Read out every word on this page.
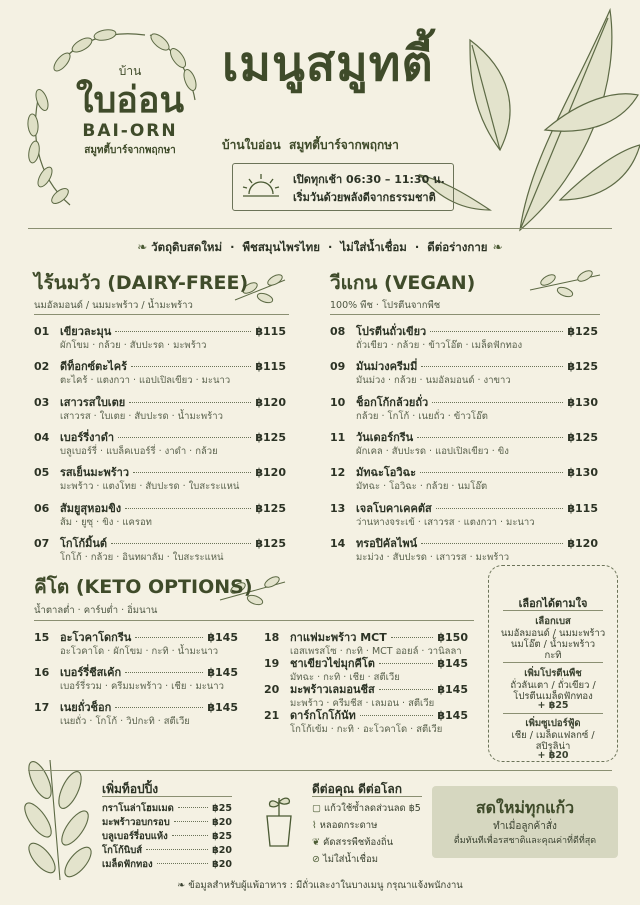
บ้าน
ใบอ่อน
BAI-ORN
สมูทตี้บาร์จากพฤกษา
เมนูสมูทตี้
บ้านใบอ่อน  สมูทตี้บาร์จากพฤกษา
เปิดทุกเช้า 06:30 – 11:30 น.
เริ่มวันด้วยพลังดีจากธรรมชาติ
❧ วัตถุดิบสดใหม่  ·  พืชสมุนไพรไทย  ·  ไม่ใส่น้ำเชื่อม  ·  ดีต่อร่างกาย ❧
ไร้นมวัว (DAIRY-FREE)
นมอัลมอนด์ / นมมะพร้าว / น้ำมะพร้าว
01 เขียวละมุน	฿115
ผักโขม · กล้วย · สับปะรด · มะพร้าว
02 ดีท็อกซ์ตะไคร้	฿115
ตะไคร้ · แตงกวา · แอปเปิลเขียว · มะนาว
03 เสาวรสใบเตย	฿120
เสาวรส · ใบเตย · สับปะรด · น้ำมะพร้าว
04 เบอร์รี่งาดำ	฿125
บลูเบอร์รี่ · แบล็คเบอร์รี่ · งาดำ · กล้วย
05 รสเย็นมะพร้าว	฿120
มะพร้าว · แตงโทย · สับปะรด · ใบสะระแหน่
06 สัมยูสุหอมขิง	฿125
ส้ม · ยูซุ · ขิง · แครอท
07 โกโก้มิ้นต์	฿125
โกโก้ · กล้วย · อินทผาลัม · ใบสะระแหน่
วีแกน (VEGAN)
100% พืช · โปรตีนจากพืช
08 โปรตีนถั่วเขียว	฿125
ถั่วเขียว · กล้วย · ข้าวโอ๊ต · เมล็ดฟักทอง
09 มันม่วงครีมมี่	฿125
มันม่วง · กล้วย · นมอัลมอนด์ · งาขาว
10 ช็อกโก้กล้วยถั่ว	฿130
กล้วย · โกโก้ · เนยถั่ว · ข้าวโอ๊ต
11 วันเดอร์กรีน	฿125
ผักเคล · สับปะรด · แอปเปิลเขียว · ขิง
12 มัทฉะโอวิฉะ	฿130
มัทฉะ · โอวิฉะ · กล้วย · นมโอ๊ต
13 เจลโบคาเคคตัส	฿115
ว่านหางจระเข้ · เสาวรส · แตงกวา · มะนาว
14 ทรอปิคัลไพน์	฿120
มะม่วง · สับปะรด · เสาวรส · มะพร้าว
คีโต (KETO OPTIONS)
น้ำตาลต่ำ · คาร์บต่ำ · อิ่มนาน
15 อะโวคาโดกรีน	฿145
อะโวคาโด · ผักโขม · กะทิ · น้ำมะนาว
16 เบอร์รี่ชีสเค้ก	฿145
เบอร์รี่รวม · ครีมมะพร้าว · เชีย · มะนาว
17 เนยถั่วช็อก	฿145
เนยถั่ว · โกโก้ · วิปกะทิ · สตีเวีย
18 กาแฟมะพร้าว MCT	฿150
เอสเพรสโซ · กะทิ · MCT ออยล์ · วานิลลา
19 ชาเขียวไข่มุกคีโต	฿145
มัทฉะ · กะทิ · เชีย · สตีเวีย
20 มะพร้าวเลมอนชีส	฿145
มะพร้าว · ครีมชีส · เลมอน · สตีเวีย
21 ดาร์กโกโก้นัท	฿145
โกโก้เข้ม · กะทิ · อะโวคาโด · สตีเวีย
เลือกได้ตามใจ
เลือกเบส
นมอัลมอนด์ / นมมะพร้าว
นมโอ๊ต / น้ำมะพร้าว
กะทิ
เพิ่มโปรตีนพืช
ถั่วลันเตา / ถั่วเขียว /
โปรตีนเมล็ดฟักทอง
+ ฿25
เพิ่มซูเปอร์ฟู้ด
เชีย / เมล็ดแฟลกซ์ /
สปิรูลิน่า
+ ฿20
เพิ่มท็อปปิ้ง
กราโนล่าโฮมเมด	฿25
มะพร้าวอบกรอบ	฿20
บลูเบอร์รี่อบแห้ง	฿25
โกโก้นิบส์	฿20
เมล็ดฟักทอง	฿20
ดีต่อคุณ ดีต่อโลก
▢ แก้วใช้ซ้ำลดส่วนลด ฿5
⌇ หลอดกระดาษ
❦ คัดสรรพืชท้องถิ่น
⊘ ไม่ใส่น้ำเชื่อม
สดใหม่ทุกแก้ว
ทำเมื่อลูกค้าสั่ง
ดื่มทันทีเพื่อรสชาติและคุณค่าที่ดีที่สุด
❧ ข้อมูลสำหรับผู้แพ้อาหาร : มีถั่วและงาในบางเมนู กรุณาแจ้งพนักงาน
